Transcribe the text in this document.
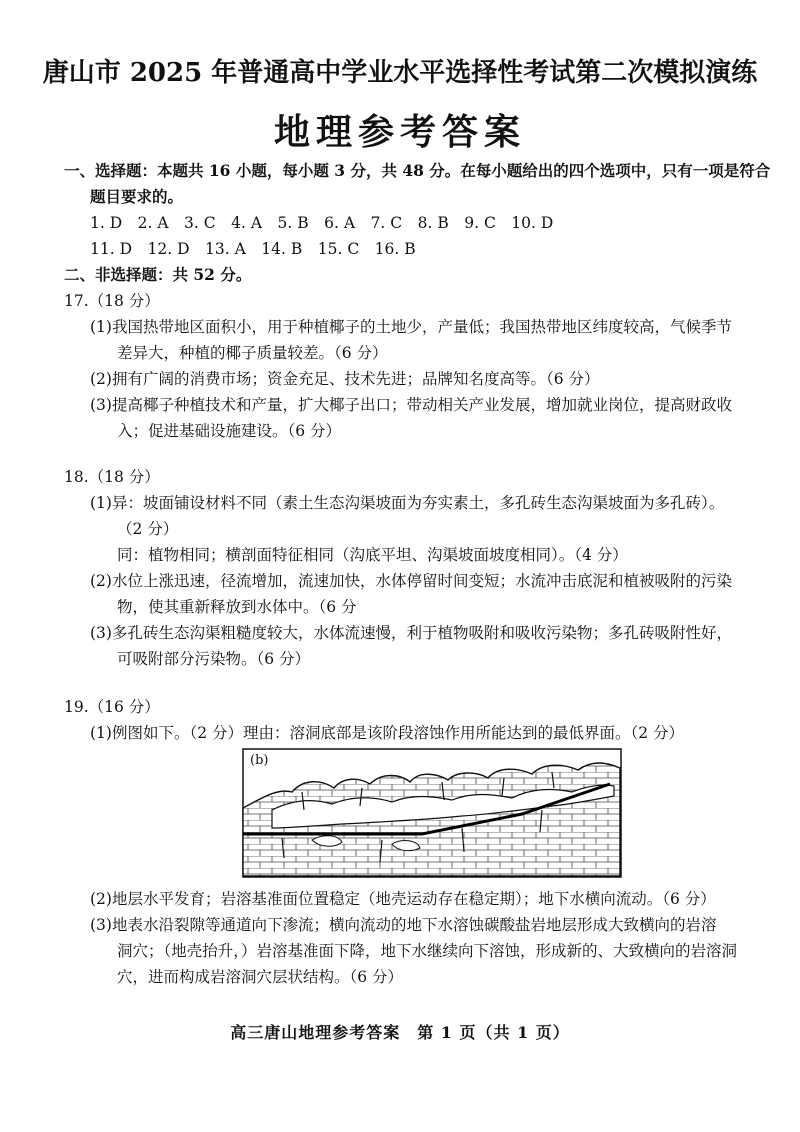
唐山市 2025 年普通高中学业水平选择性考试第二次模拟演练
地理参考答案
一、选择题：本题共 16 小题，每小题 3 分，共 48 分。在每小题给出的四个选项中，只有一项是符合
题目要求的。
1. D　2. A　3. C　4. A　5. B　6. A　7. C　8. B　9. C　10. D
11. D　12. D　13. A　14. B　15. C　16. B
二、非选择题：共 52 分。
17.（18 分）
(1)我国热带地区面积小，用于种植椰子的土地少，产量低；我国热带地区纬度较高，气候季节
差异大，种植的椰子质量较差。（6 分）
(2)拥有广阔的消费市场；资金充足、技术先进；品牌知名度高等。（6 分）
(3)提高椰子种植技术和产量，扩大椰子出口；带动相关产业发展，增加就业岗位，提高财政收
入；促进基础设施建设。（6 分）
18.（18 分）
(1)异：坡面铺设材料不同（素土生态沟渠坡面为夯实素土，多孔砖生态沟渠坡面为多孔砖）。
（2 分）
同：植物相同；横剖面特征相同（沟底平坦、沟渠坡面坡度相同）。（4 分）
(2)水位上涨迅速，径流增加，流速加快，水体停留时间变短；水流冲击底泥和植被吸附的污染
物，使其重新释放到水体中。（6 分
(3)多孔砖生态沟渠粗糙度较大，水体流速慢，利于植物吸附和吸收污染物；多孔砖吸附性好，
可吸附部分污染物。（6 分）
19.（16 分）
(1)例图如下。（2 分）理由：溶洞底部是该阶段溶蚀作用所能达到的最低界面。（2 分）
(b)
(2)地层水平发育；岩溶基准面位置稳定（地壳运动存在稳定期）；地下水横向流动。（6 分）
(3)地表水沿裂隙等通道向下渗流；横向流动的地下水溶蚀碳酸盐岩地层形成大致横向的岩溶
洞穴；（地壳抬升，）岩溶基准面下降，地下水继续向下溶蚀，形成新的、大致横向的岩溶洞
穴，进而构成岩溶洞穴层状结构。（6 分）
高三唐山地理参考答案　第 1 页（共 1 页）
